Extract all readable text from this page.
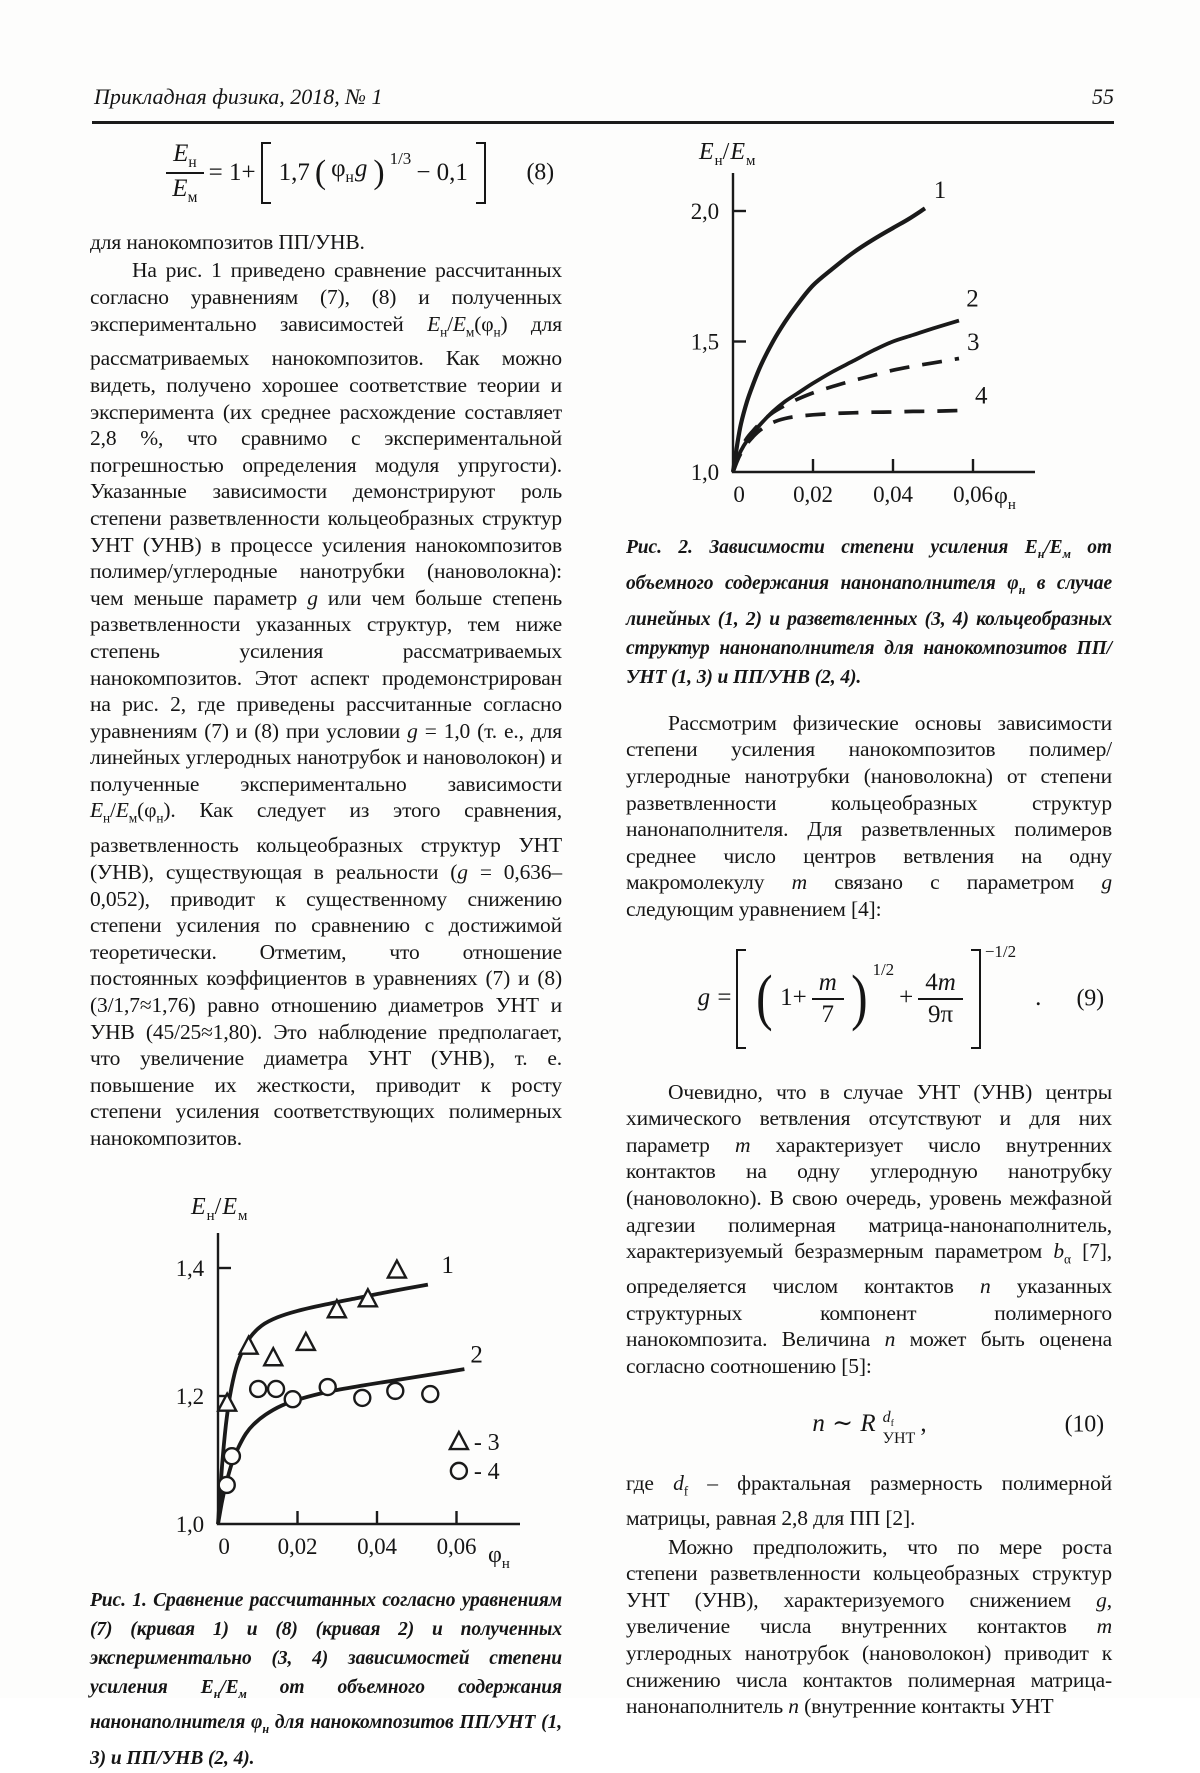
Прикладная физика, 2018, № 1	55
$\frac{E_н}{E_м} = 1+ 1,7$ ( $\varphi_нg$ ) 1/3
− 0,1 (8)

для нанокомпозитов ПП/УНВ.

На рис. 1 приведено сравнение рассчитанных согласно уравнениям (7), (8) и полученных экспериментально зависимостей $E_н/E_м(\varphi_н)$ для рассматриваемых нанокомпозитов. Как можно видеть, получено хорошее соответствие теории и эксперимента (их среднее расхождение составляет 2,8 %, что сравнимо с экспериментальной погрешностью определения модуля упругости). Указанные зависимости демонстрируют роль степени разветвленности кольцеобразных структур УНТ (УНВ) в процессе усиления нанокомпозитов полимер/углеродные нанотрубки (нановолокна): чем меньше параметр g или чем больше степень разветвленности указанных структур, тем ниже степень усиления рассматриваемых нанокомпозитов. Этот аспект продемонстрирован на рис. 2, где приведены рассчитанные согласно уравнениям (7) и (8) при условии g = 1,0 (т. е., для линейных углеродных нанотрубок и нановолокон) и полученные экспериментально зависимости $E_н/E_м(\varphi_н)$. Как следует из этого сравнения, разветвленность кольцеобразных структур УНТ (УНВ), существующая в реальности (g = 0,636–0,052), приводит к существенному снижению степени усиления по сравнению с достижимой теоретически. Отметим, что отношение постоянных коэффициентов в уравнениях (7) и (8) (3/1,7≈1,76) равно отношению диаметров УНТ и УНВ (45/25≈1,80). Это наблюдение предполагает, что увеличение диаметра УНТ (УНВ), т. е. повышение их жесткости, приводит к росту степени усиления соответствующих полимерных нанокомпозитов.

1,0
1,2
1,4
0 0,02 0,04 0,06
1
2
- 3
- 4
$E_н/E_м$
$\varphi_н$
Рис. 1. Сравнение рассчитанных согласно уравнениям (7) (кривая 1) и (8) (кривая 2) и полученных экспериментально (3, 4) зависимостей степени усиления $E_н/E_м$ от объемного содержания нанонаполнителя $\varphi_н$ для нанокомпозитов ПП/УНТ (1, 3) и ПП/УНВ (2, 4).
1,0
1,5
2,0
0 0,02 0,04 0,06
1
2
3
4
$E_н/E_м$
$\varphi_н$
Рис. 2. Зависимости степени усиления $E_н/E_м$ от объемного содержания нанонаполнителя $\varphi_н$ в случае линейных (1, 2) и разветвленных (3, 4) кольцеобразных структур нанонаполнителя для нанокомпозитов ПП/УНТ (1, 3) и ПП/УНВ (2, 4).

Рассмотрим физические основы зависимости степени усиления нанокомпозитов полимер/углеродные нанотрубки (нановолокна) от степени разветвленности кольцеобразных структур нанонаполнителя. Для разветвленных полимеров среднее число центров ветвления на одну макромолекулу m связано с параметром g следующим уравнением [4]:

g = ( $1+ \frac{m}{7}$ ) 1/2
+ $\frac{4m}{9\pi}$
−1/2
. (9)

Очевидно, что в случае УНТ (УНВ) центры химического ветвления отсутствуют и для них параметр m характеризует число внутренних контактов на одну углеродную нанотрубку (нановолокно). В свою очередь, уровень межфазной адгезии полимерная матрица-нанонаполнитель, характеризуемый безразмерным параметром $b_\alpha$ [7], определяется числом контактов n указанных структурных компонент полимерного нанокомпозита. Величина n может быть оценена согласно соотношению [5]:

n ∼ R $d_f$
УНТ
,	(10)

где $d_f$ – фрактальная размерность полимерной матрицы, равная 2,8 для ПП [2].

Можно предположить, что по мере роста степени разветвленности кольцеобразных структур УНТ (УНВ), характеризуемого снижением g, увеличение числа внутренних контактов m углеродных нанотрубок (нановолокон) приводит к снижению числа контактов полимерная матрица-нанонаполнитель n (внутренние контакты УНТ
